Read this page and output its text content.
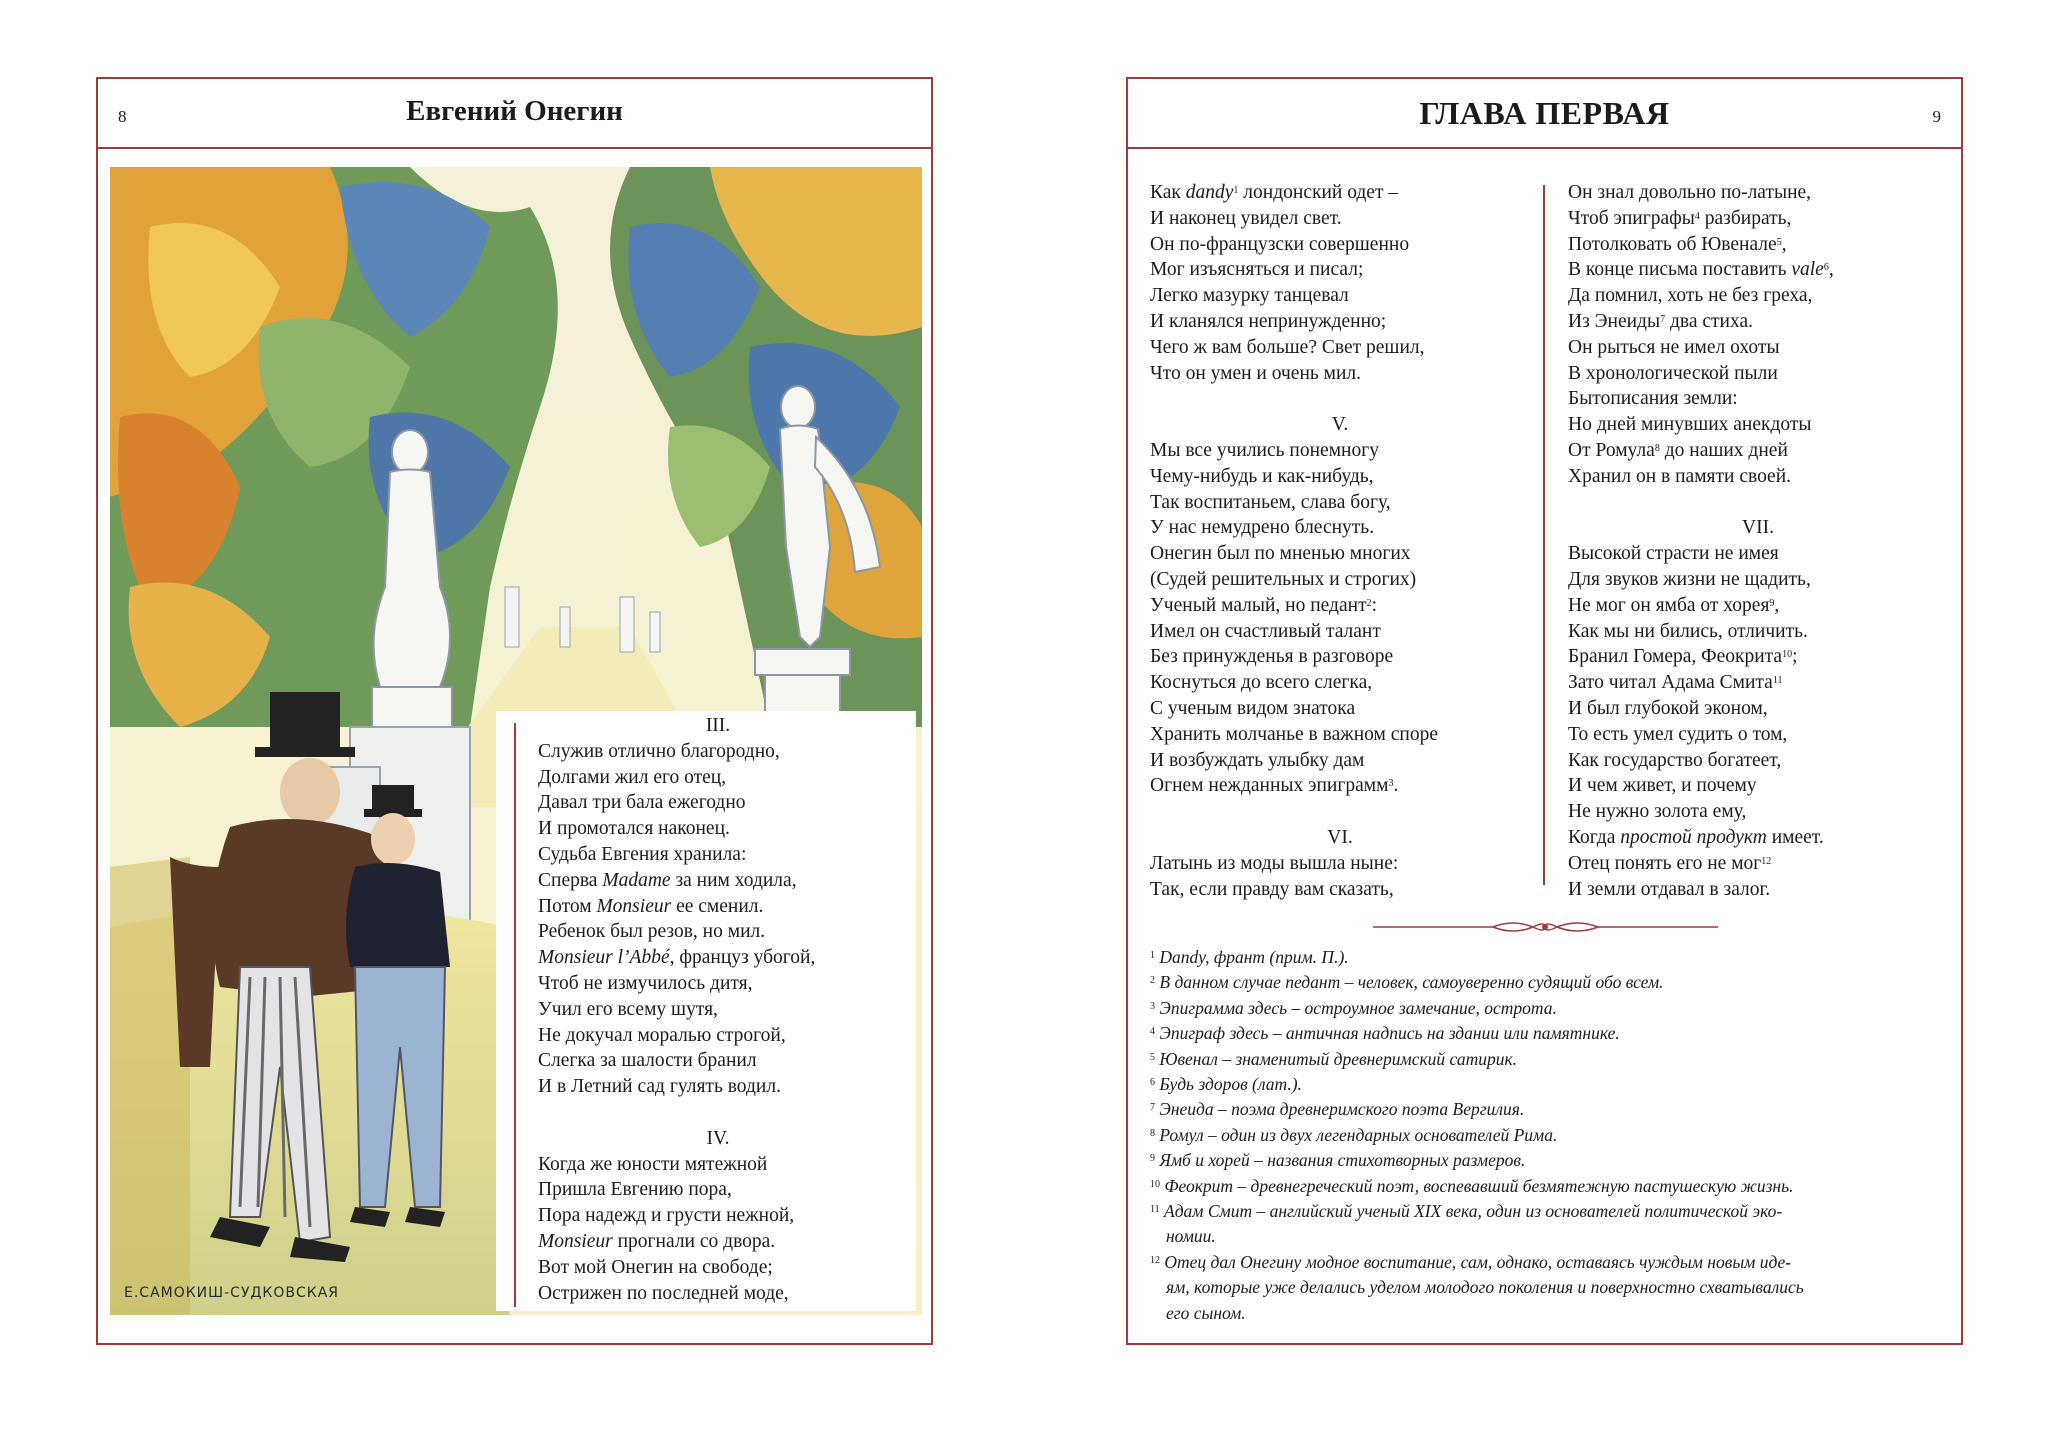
8	Евгений Онегин
Е.САМОКИШ-СУДКОВСКАЯ
III.
Служив отлично благородно,
Долгами жил его отец,
Давал три бала ежегодно
И промотался наконец.
Судьба Евгения хранила:
Сперва Madame за ним ходила,
Потом Monsieur ее сменил.
Ребенок был резов, но мил.
Monsieur l’Abbé, француз убогой,
Чтоб не измучилось дитя,
Учил его всему шутя,
Не докучал моралью строгой,
Слегка за шалости бранил
И в Летний сад гулять водил.
IV.
Когда же юности мятежной
Пришла Евгению пора,
Пора надежд и грусти нежной,
Monsieur прогнали со двора.
Вот мой Онегин на свободе;
Острижен по последней моде,
ГЛАВА ПЕРВАЯ	9
Как dandy$^1$ лондонский одет –
И наконец увидел свет.
Он по-французски совершенно
Мог изъясняться и писал;
Легко мазурку танцевал
И кланялся непринужденно;
Чего ж вам больше? Свет решил,
Что он умен и очень мил.
V.
Мы все учились понемногу
Чему-нибудь и как-нибудь,
Так воспитаньем, слава богу,
У нас немудрено блеснуть.
Онегин был по мненью многих
(Судей решительных и строгих)
Ученый малый, но педант$^2$:
Имел он счастливый талант
Без принужденья в разговоре
Коснуться до всего слегка,
С ученым видом знатока
Хранить молчанье в важном споре
И возбуждать улыбку дам
Огнем нежданных эпиграмм$^3$.
VI.
Латынь из моды вышла ныне:
Так, если правду вам сказать,
Он знал довольно по-латыне,
Чтоб эпиграфы$^4$ разбирать,
Потолковать об Ювенале$^5$,
В конце письма поставить vale$^6$,
Да помнил, хоть не без греха,
Из Энеиды$^7$ два стиха.
Он рыться не имел охоты
В хронологической пыли
Бытописания земли:
Но дней минувших анекдоты
От Ромула$^8$ до наших дней
Хранил он в памяти своей.
VII.
Высокой страсти не имея
Для звуков жизни не щадить,
Не мог он ямба от хорея$^9$,
Как мы ни бились, отличить.
Бранил Гомера, Феокрита$^{10}$;
Зато читал Адама Смита$^{11}$
И был глубокой эконом,
То есть умел судить о том,
Как государство богатеет,
И чем живет, и почему
Не нужно золота ему,
Когда простой продукт имеет.
Отец понять его не мог$^{12}$
И земли отдавал в залог.
$^1$ Dandy, франт (прим. П.).
$^2$ В данном случае педант – человек, самоуверенно судящий обо всем.
$^3$ Эпиграмма здесь – остроумное замечание, острота.
$^4$ Эпиграф здесь – античная надпись на здании или памятнике.
$^5$ Ювенал – знаменитый древнеримский сатирик.
$^6$ Будь здоров (лат.).
$^7$ Энеида – поэма древнеримского поэта Вергилия.
$^8$ Ромул – один из двух легендарных основателей Рима.
$^9$ Ямб и хорей – названия стихотворных размеров.
$^{10}$ Феокрит – древнегреческий поэт, воспевавший безмятежную пастушескую жизнь.
$^{11}$ Адам Смит – английский ученый XIX века, один из основателей политической эко-
номии.
$^{12}$ Отец дал Онегину модное воспитание, сам, однако, оставаясь чуждым новым иде-
ям, которые уже делались уделом молодого поколения и поверхностно схватывались
его сыном.
